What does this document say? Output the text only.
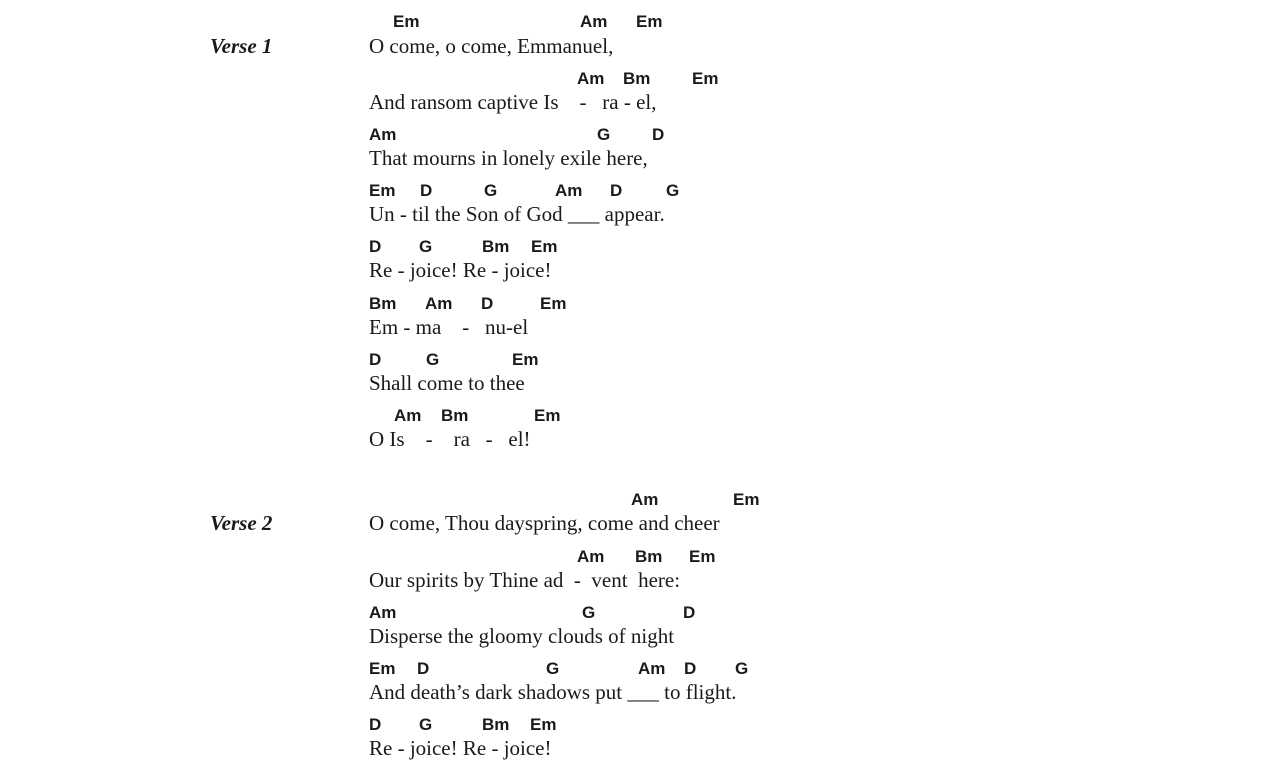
Verse 1
Em	Am Em
O come, o come, Emmanuel,
Am Bm Em
And ransom captive Is    -   ra - el,
Am	G D
That mourns in lonely exile here,
Em D	G	Am D	G
Un - til the Son of God ___ appear.
D G	Bm Em
Re - joice! Re - joice!
Bm Am D	Em
Em - ma    -   nu-el
D	G	Em
Shall come to thee
Am Bm	Em
O Is    -    ra   -   el!
Verse 2
Am	Em
O come, Thou dayspring, come and cheer
Am Bm Em
Our spirits by Thine ad  -  vent  here:
Am	G	D
Disperse the gloomy clouds of night
Em D	G	Am D G
And death’s dark shadows put ___ to flight.
D G	Bm Em
Re - joice! Re - joice!
